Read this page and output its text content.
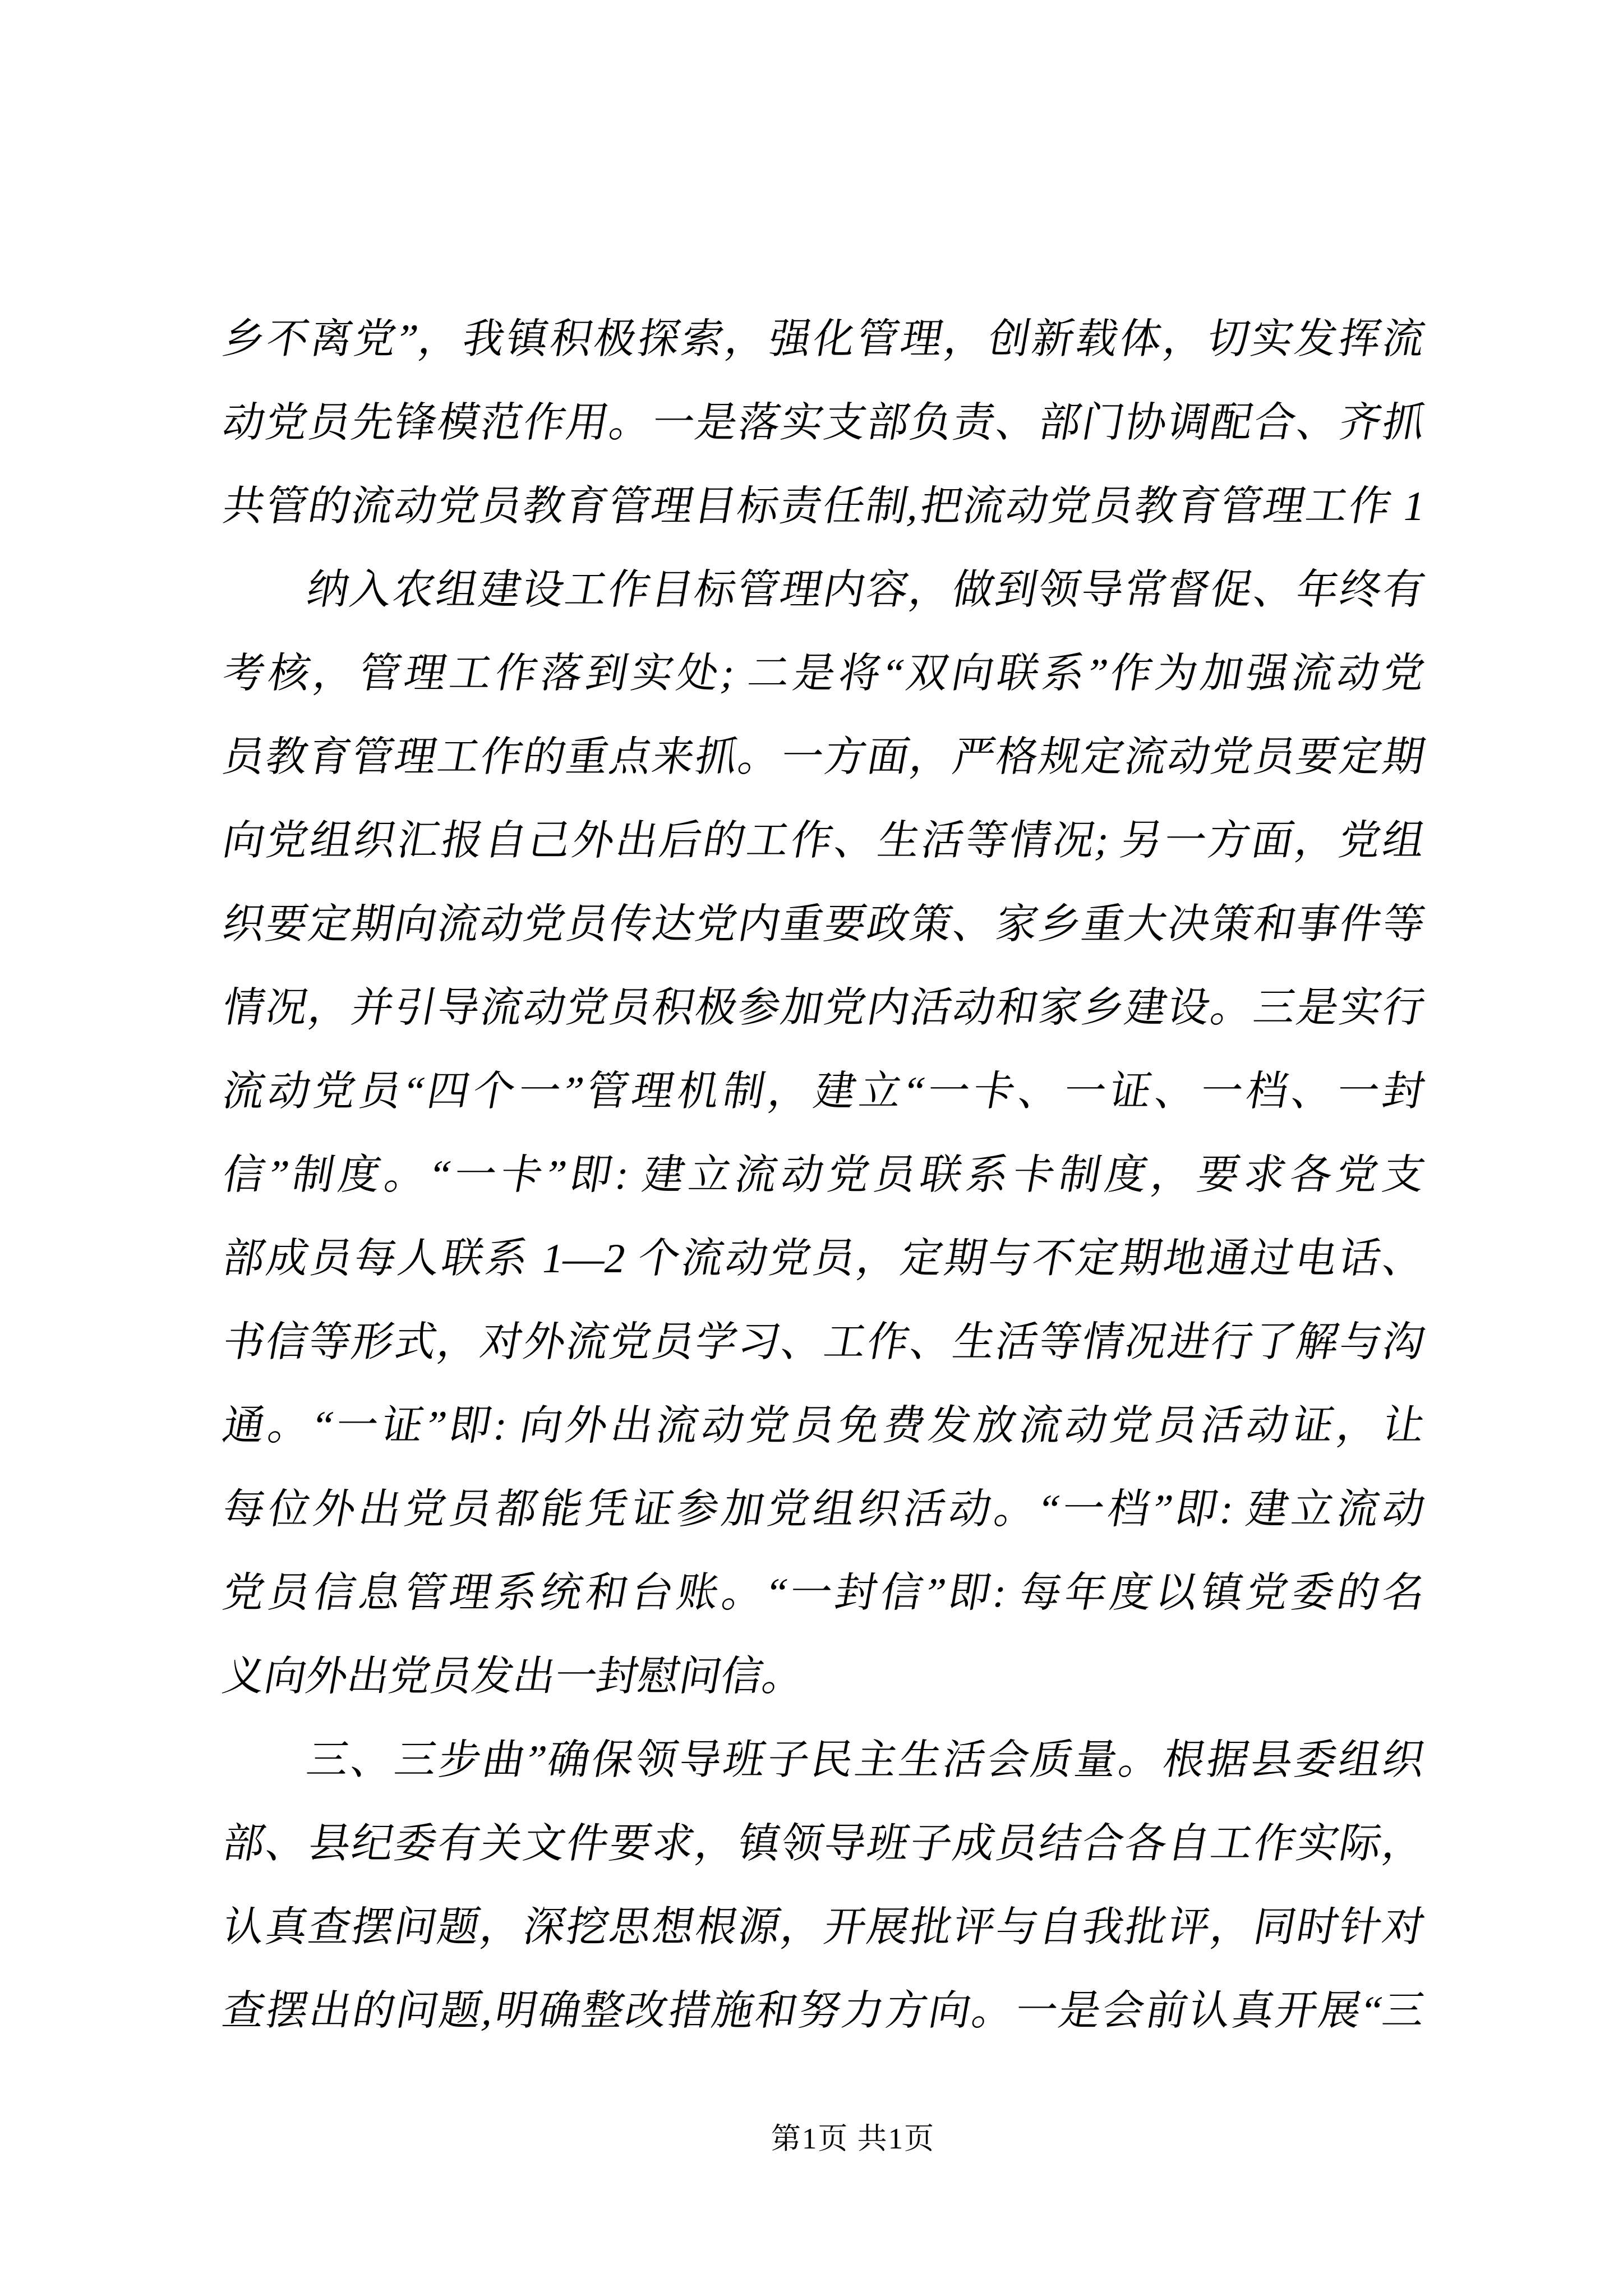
乡不离党”，我镇积极探索，强化管理，创新载体，切实发挥流
动党员先锋模范作用。一是落实支部负责、部门协调配合、齐抓
共管的流动党员教育管理目标责任制,把流动党员教育管理工作 1
纳入农组建设工作目标管理内容，做到领导常督促、年终有
考核，管理工作落到实处; 二是将“双向联系”作为加强流动党
员教育管理工作的重点来抓。一方面，严格规定流动党员要定期
向党组织汇报自己外出后的工作、生活等情况; 另一方面，党组
织要定期向流动党员传达党内重要政策、家乡重大决策和事件等
情况，并引导流动党员积极参加党内活动和家乡建设。三是实行
流动党员“四个一”管理机制，建立“一卡、一证、一档、一封
信”制度。“一卡”即: 建立流动党员联系卡制度，要求各党支
部成员每人联系 1—2 个流动党员，定期与不定期地通过电话、
书信等形式，对外流党员学习、工作、生活等情况进行了解与沟
通。“一证”即: 向外出流动党员免费发放流动党员活动证，让
每位外出党员都能凭证参加党组织活动。“一档”即: 建立流动
党员信息管理系统和台账。“一封信”即: 每年度以镇党委的名
义向外出党员发出一封慰问信。
三、三步曲”确保领导班子民主生活会质量。根据县委组织
部、县纪委有关文件要求，镇领导班子成员结合各自工作实际，
认真查摆问题，深挖思想根源，开展批评与自我批评，同时针对
查摆出的问题,明确整改措施和努力方向。一是会前认真开展“三
第1页 共1页
